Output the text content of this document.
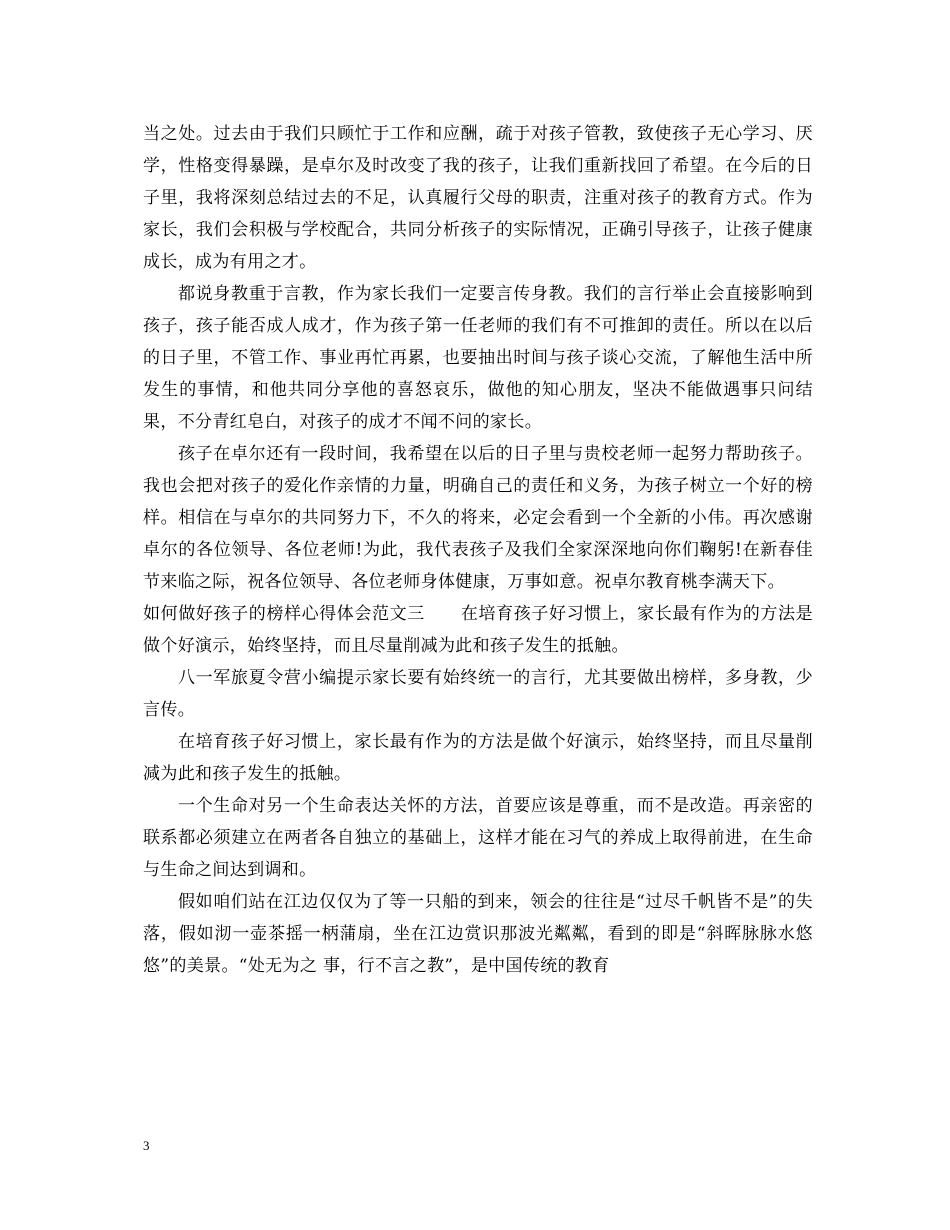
当之处。过去由于我们只顾忙于工作和应酬，疏于对孩子管教，致使孩子无心学习、厌学，性格变得暴躁，是卓尔及时改变了我的孩子，让我们重新找回了希望。在今后的日子里，我将深刻总结过去的不足，认真履行父母的职责，注重对孩子的教育方式。作为家长，我们会积极与学校配合，共同分析孩子的实际情况，正确引导孩子，让孩子健康成长，成为有用之才。

都说身教重于言教，作为家长我们一定要言传身教。我们的言行举止会直接影响到孩子，孩子能否成人成才，作为孩子第一任老师的我们有不可推卸的责任。所以在以后的日子里，不管工作、事业再忙再累，也要抽出时间与孩子谈心交流，了解他生活中所发生的事情，和他共同分享他的喜怒哀乐，做他的知心朋友，坚决不能做遇事只问结果，不分青红皂白，对孩子的成才不闻不问的家长。

孩子在卓尔还有一段时间，我希望在以后的日子里与贵校老师一起努力帮助孩子。我也会把对孩子的爱化作亲情的力量，明确自己的责任和义务，为孩子树立一个好的榜样。相信在与卓尔的共同努力下，不久的将来，必定会看到一个全新的小伟。再次感谢卓尔的各位领导、各位老师!为此，我代表孩子及我们全家深深地向你们鞠躬!在新春佳节来临之际，祝各位领导、各位老师身体健康，万事如意。祝卓尔教育桃李满天下。

如何做好孩子的榜样心得体会范文三 在培育孩子好习惯上，家长最有作为的方法是做个好演示，始终坚持，而且尽量削减为此和孩子发生的抵触。

八一军旅夏令营小编提示家长要有始终统一的言行，尤其要做出榜样，多身教，少言传。

在培育孩子好习惯上，家长最有作为的方法是做个好演示，始终坚持，而且尽量削减为此和孩子发生的抵触。

一个生命对另一个生命表达关怀的方法，首要应该是尊重，而不是改造。再亲密的联系都必须建立在两者各自独立的基础上，这样才能在习气的养成上取得前进，在生命与生命之间达到调和。

假如咱们站在江边仅仅为了等一只船的到来，领会的往往是“过尽千帆皆不是”的失落，假如沏一壶茶摇一柄蒲扇，坐在江边赏识那波光粼粼，看到的即是“斜晖脉脉水悠悠”的美景。“处无为之 事，行不言之教”，是中国传统的教育

3
